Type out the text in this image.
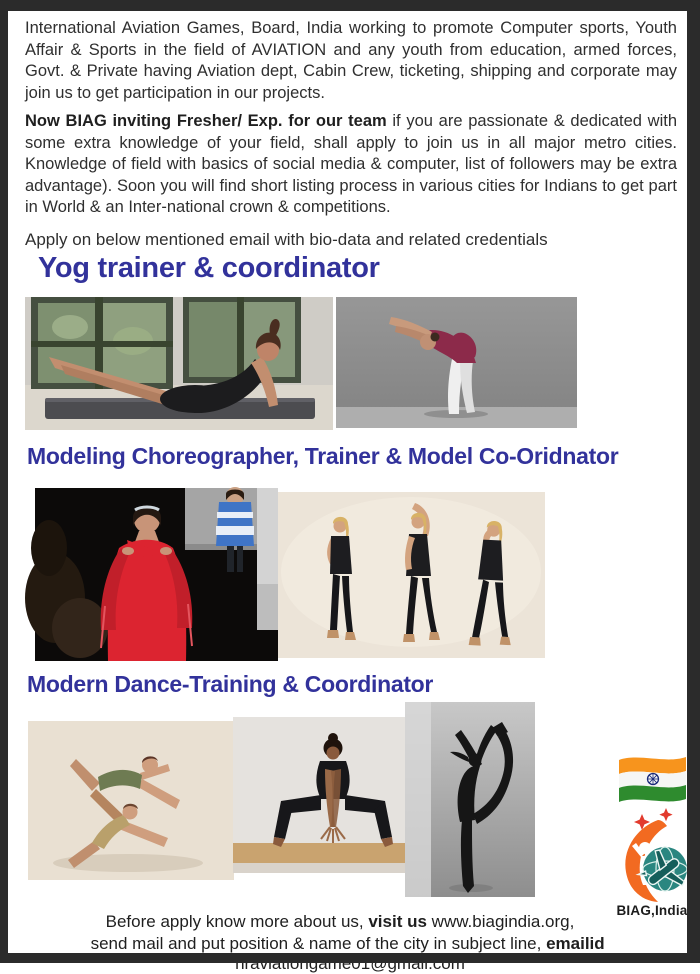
International Aviation Games, Board, India working to promote Computer sports, Youth Affair & Sports in the field of AVIATION and any youth from education, armed forces, Govt. & Private having Aviation dept, Cabin Crew, ticketing, shipping and corporate may join us to get participation in our projects.
Now BIAG inviting Fresher/ Exp. for our team if you are passionate & dedicated with some extra knowledge of your field, shall apply to join us in all major metro cities. Knowledge of field with basics of social media & computer, list of followers may be extra advantage). Soon you will find short listing process in various cities for Indians to get part in World & an Inter-national crown & competitions.
Apply on below mentioned email with bio-data and related credentials
Yog trainer & coordinator
Modeling Choreographer, Trainer & Model Co-Oridnator
Modern Dance-Training & Coordinator
BIAG,India
Before apply know more about us, visit us www.biagindia.org,
send mail and put position & name of the city in subject line, emailid  hraviationgame01@gmail.com
